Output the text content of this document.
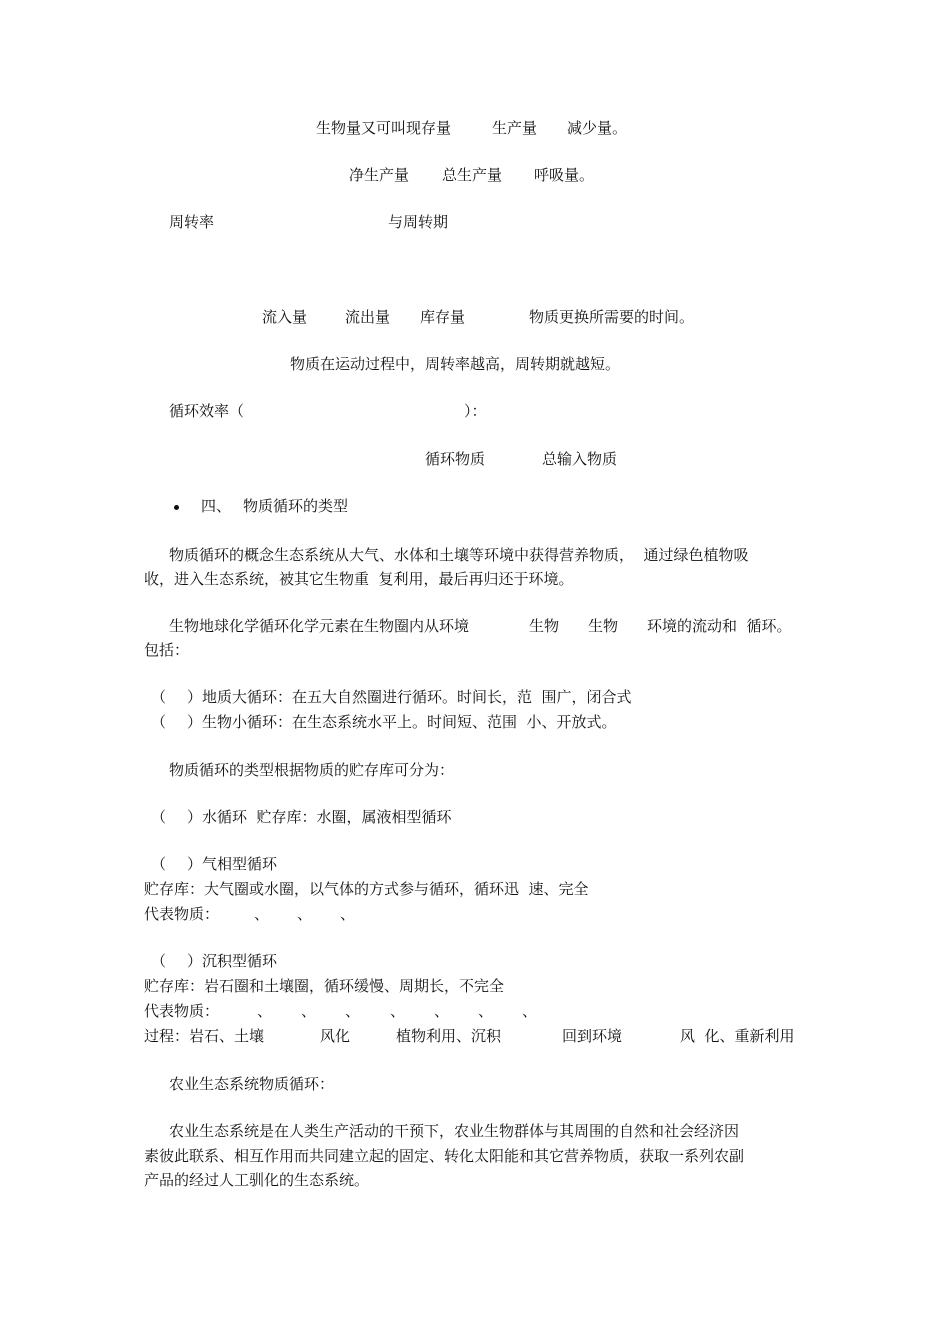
生物量又可叫现存量	生产量 减少量。
净生产量 总生产量 呼吸量。
周转率	与周转期
流入量	流出量 库存量	物质更换所需要的时间。
物质在运动过程中，周转率越高，周转期就越短。
循环效率（	）：
循环物质	总输入物质
四、 物质循环的类型
物质循环的概念生态系统从大气、水体和土壤等环境中获得营养物质，  通过绿色植物吸
收，进入生态系统，被其它生物重  复利用，最后再归还于环境。
生物地球化学循环化学元素在生物圈内从环境	生物 生物 环境的流动和  循环。
包括：
（ ）地质大循环：在五大自然圈进行循环。时间长，范  围广，闭合式
（ ）生物小循环：在生态系统水平上。时间短、范围  小、开放式。
物质循环的类型根据物质的贮存库可分为：
（ ）水循环  贮存库：水圈，属液相型循环
（ ）气相型循环
贮存库：大气圈或水圈，以气体的方式参与循环，循环迅  速、完全
代表物质： 、 、 、
（ ）沉积型循环
贮存库：岩石圈和土壤圈，循环缓慢、周期长，不完全
代表物质：	、 、 、 、 、 、 、
过程：岩石、土壤	风化	植物利用、沉积	回到环境	风  化、重新利用
农业生态系统物质循环：
农业生态系统是在人类生产活动的干预下，农业生物群体与其周围的自然和社会经济因
素彼此联系、相互作用而共同建立起的固定、转化太阳能和其它营养物质，获取一系列农副
产品的经过人工驯化的生态系统。
